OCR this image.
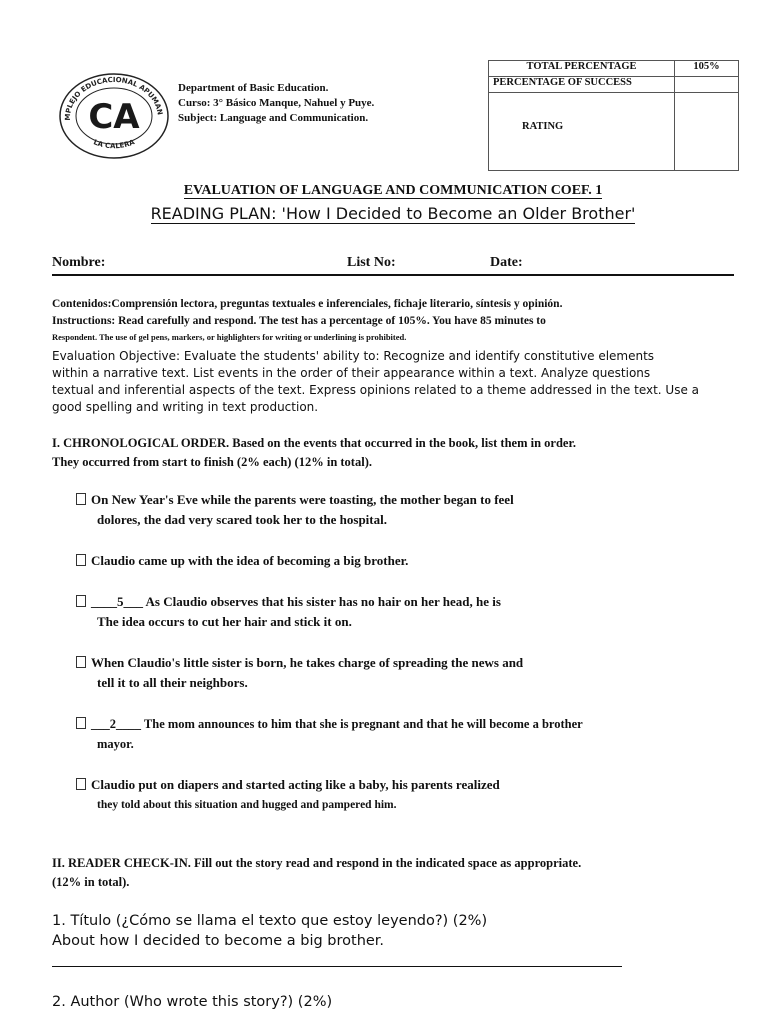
MPLEJO EDUCACIONAL APUMAN
LA CALERA
CA
Department of Basic Education.
Curso: 3° Básico Manque, Nahuel y Puye.
Subject: Language and Communication.
TOTAL PERCENTAGE	105%
PERCENTAGE OF SUCCESS	
RATING	
EVALUATION OF LANGUAGE AND COMMUNICATION COEF. 1
READING PLAN: 'How I Decided to Become an Older Brother'
Nombre:	List No:	Date:
Contenidos:Comprensión lectora, preguntas textuales e inferenciales, fichaje literario, síntesis y opinión.
Instructions: Read carefully and respond. The test has a percentage of 105%. You have 85 minutes to
Respondent. The use of gel pens, markers, or highlighters for writing or underlining is prohibited.
Evaluation Objective: Evaluate the students' ability to: Recognize and identify constitutive elements
within a narrative text. List events in the order of their appearance within a text. Analyze questions
textual and inferential aspects of the text. Express opinions related to a theme addressed in the text. Use a
good spelling and writing in text production.
I. CHRONOLOGICAL ORDER. Based on the events that occurred in the book, list them in order.
They occurred from start to finish (2% each) (12% in total).
On New Year's Eve while the parents were toasting, the mother began to feel
dolores, the dad very scared took her to the hospital.
Claudio came up with the idea of becoming a big brother.
____5___ As Claudio observes that his sister has no hair on her head, he is
The idea occurs to cut her hair and stick it on.
When Claudio's little sister is born, he takes charge of spreading the news and
tell it to all their neighbors.
___2____ The mom announces to him that she is pregnant and that he will become a brother
mayor.
Claudio put on diapers and started acting like a baby, his parents realized
they told about this situation and hugged and pampered him.
II. READER CHECK-IN. Fill out the story read and respond in the indicated space as appropriate.
(12% in total).
1. Título (¿Cómo se llama el texto que estoy leyendo?) (2%)
About how I decided to become a big brother.
2. Author (Who wrote this story?) (2%)
